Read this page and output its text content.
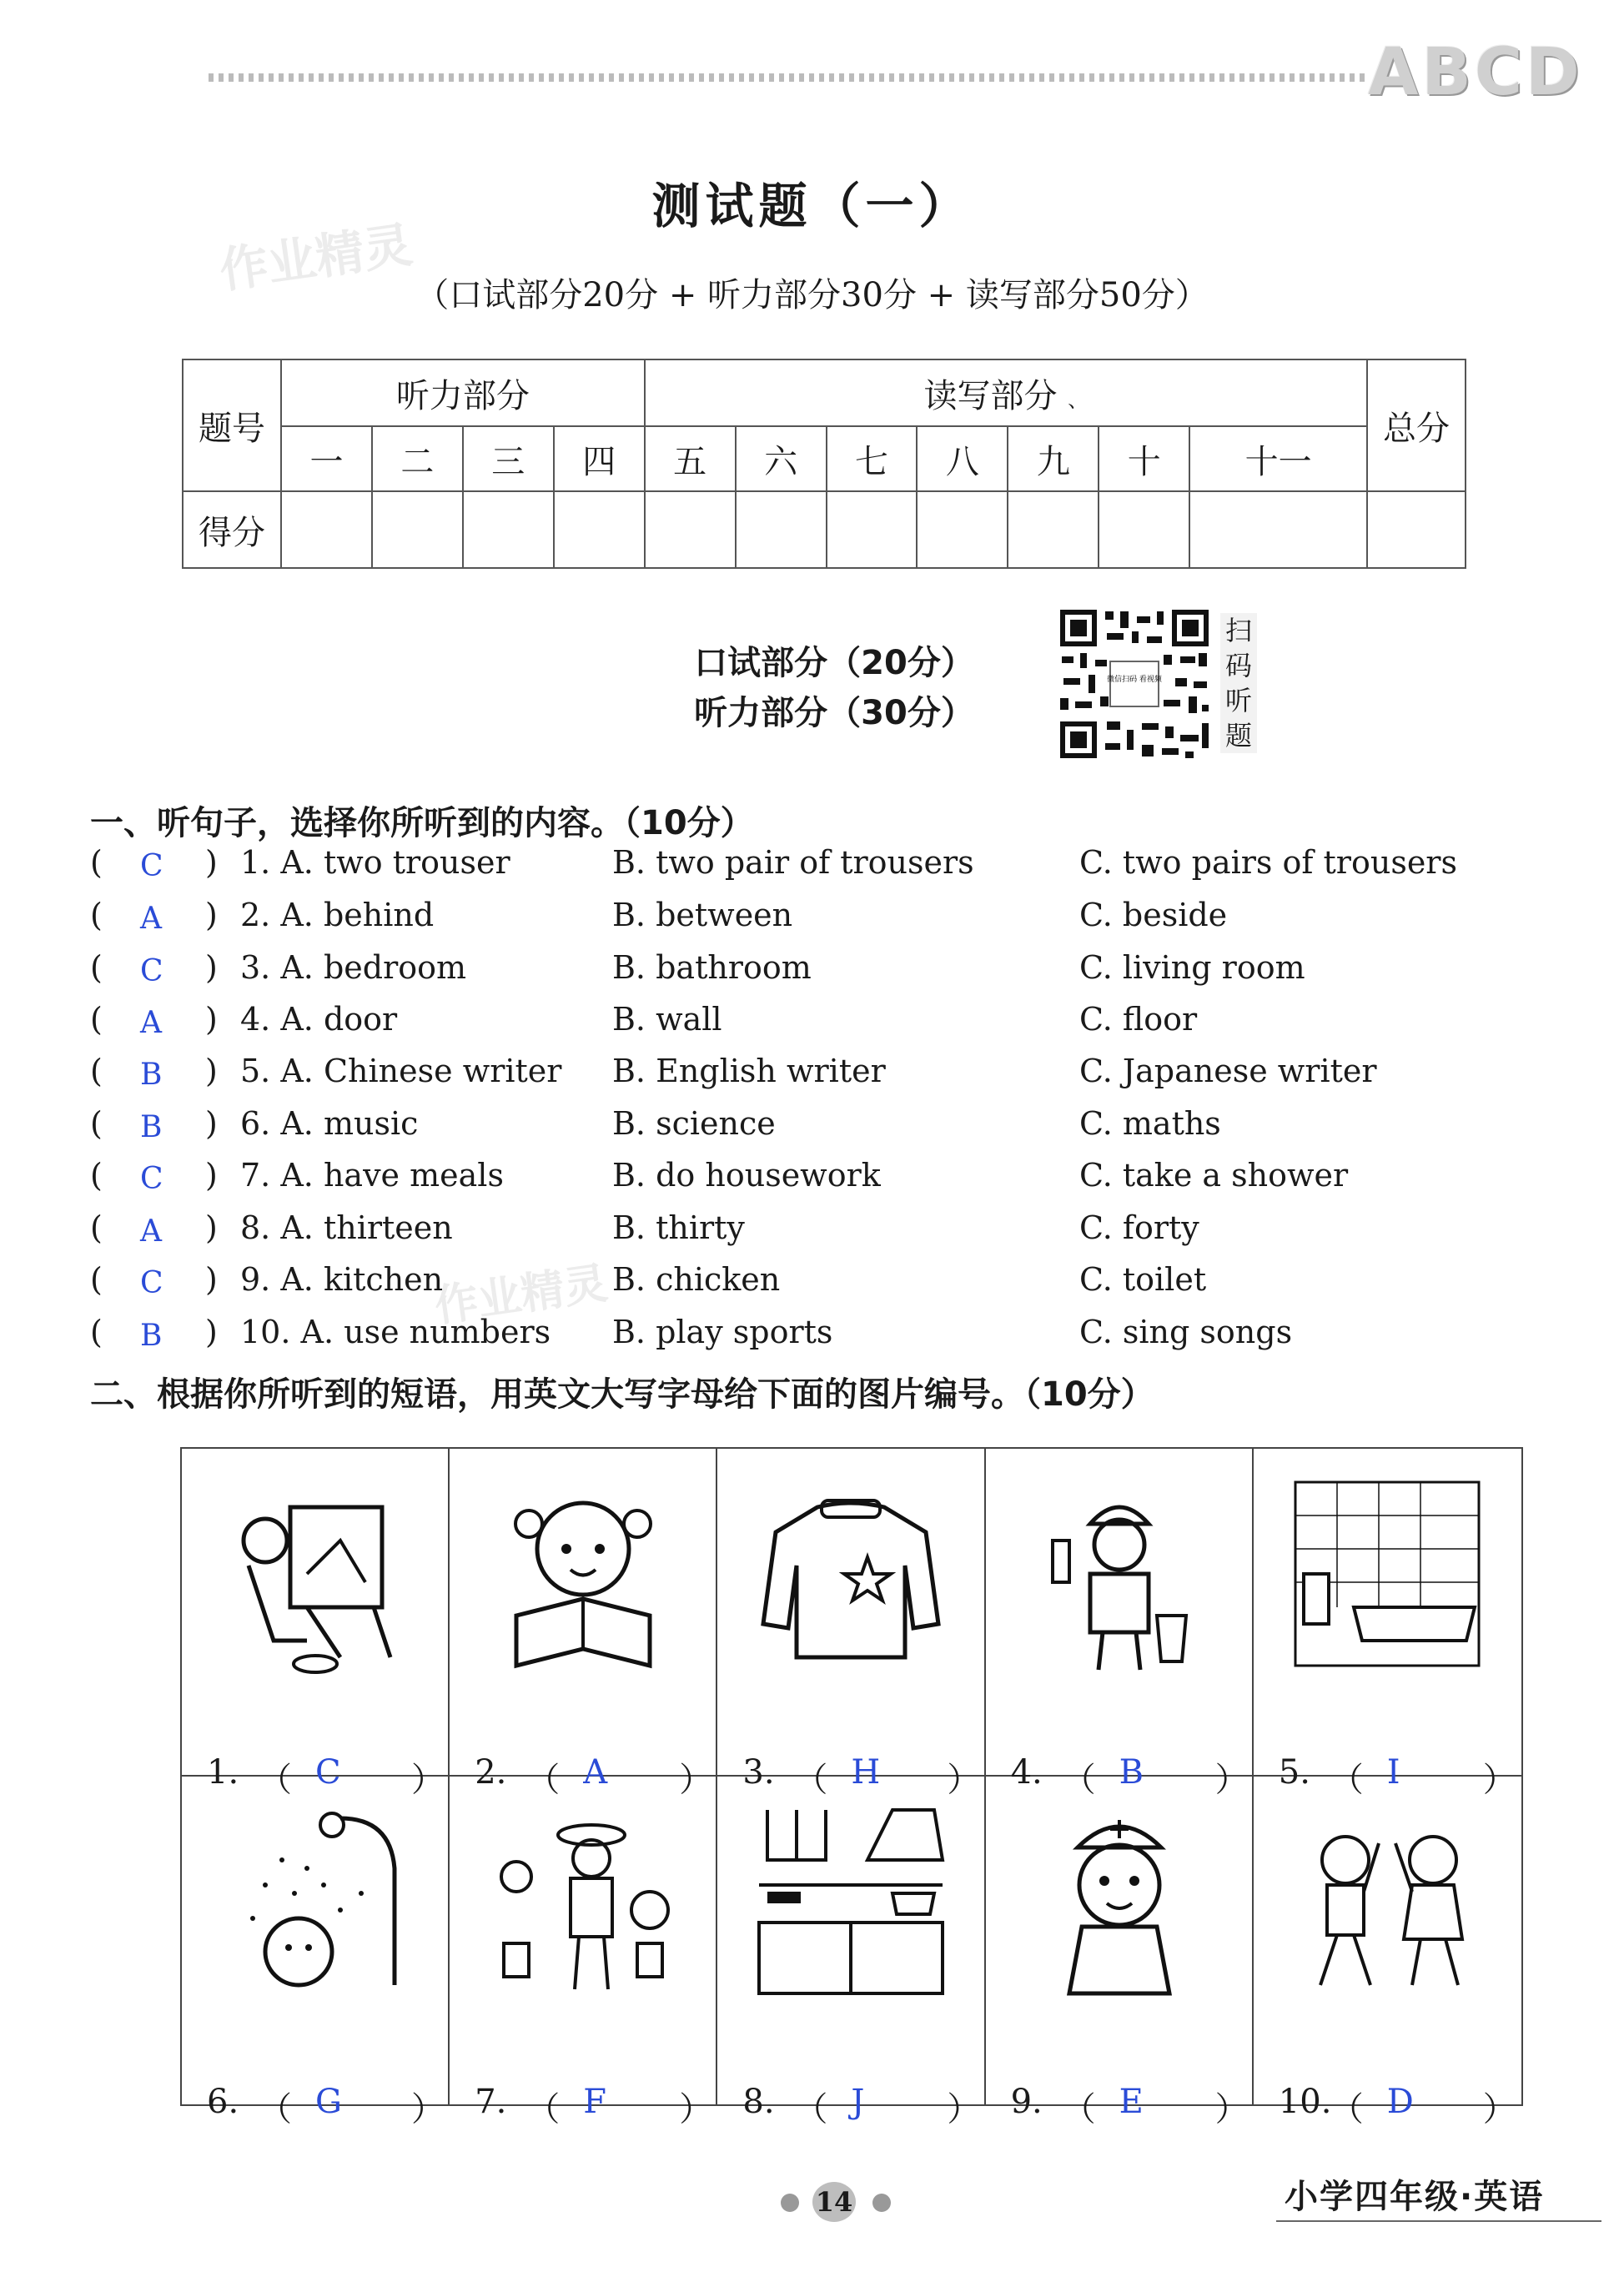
ABCD
测试题（一）
（口试部分20分 + 听力部分30分 + 读写部分50分）
作业精灵
题号	听力部分				读写部分 、							总分
	一	二	三	四	五	六	七	八	九	十	十一	
得分												
口试部分（20分）
听力部分（30分）
微信扫码 看视频
扫
码
听
题
一、听句子，选择你所听到的内容。（10分）
( C ) 1. A. two trouser	B. two pair of trousers	C. two pairs of trousers
( A ) 2. A. behind	B. between	C. beside
( C ) 3. A. bedroom	B. bathroom	C. living room
( A ) 4. A. door	B. wall	C. floor
( B ) 5. A. Chinese writer B. English writer	C. Japanese writer
( B ) 6. A. music	B. science	C. maths
( C ) 7. A. have meals	B. do housework	C. take a shower
( A ) 8. A. thirteen	B. thirty	C. forty
( C ) 9. A. kitchen	B. chicken	C. toilet
( B ) 10. A. use numbers B. play sports	C. sing songs
作业精灵
二、根据你所听到的短语，用英文大写字母给下面的图片编号。（10分）
1. （ C ） 2. （ A ） 3. （ H ） 4. （ B ） 5. （ I ）
6. （ G ） 7. （ F ） 8. （ J ） 9. （ E ） 10.
（ D ）
14	小学四年级·英语
